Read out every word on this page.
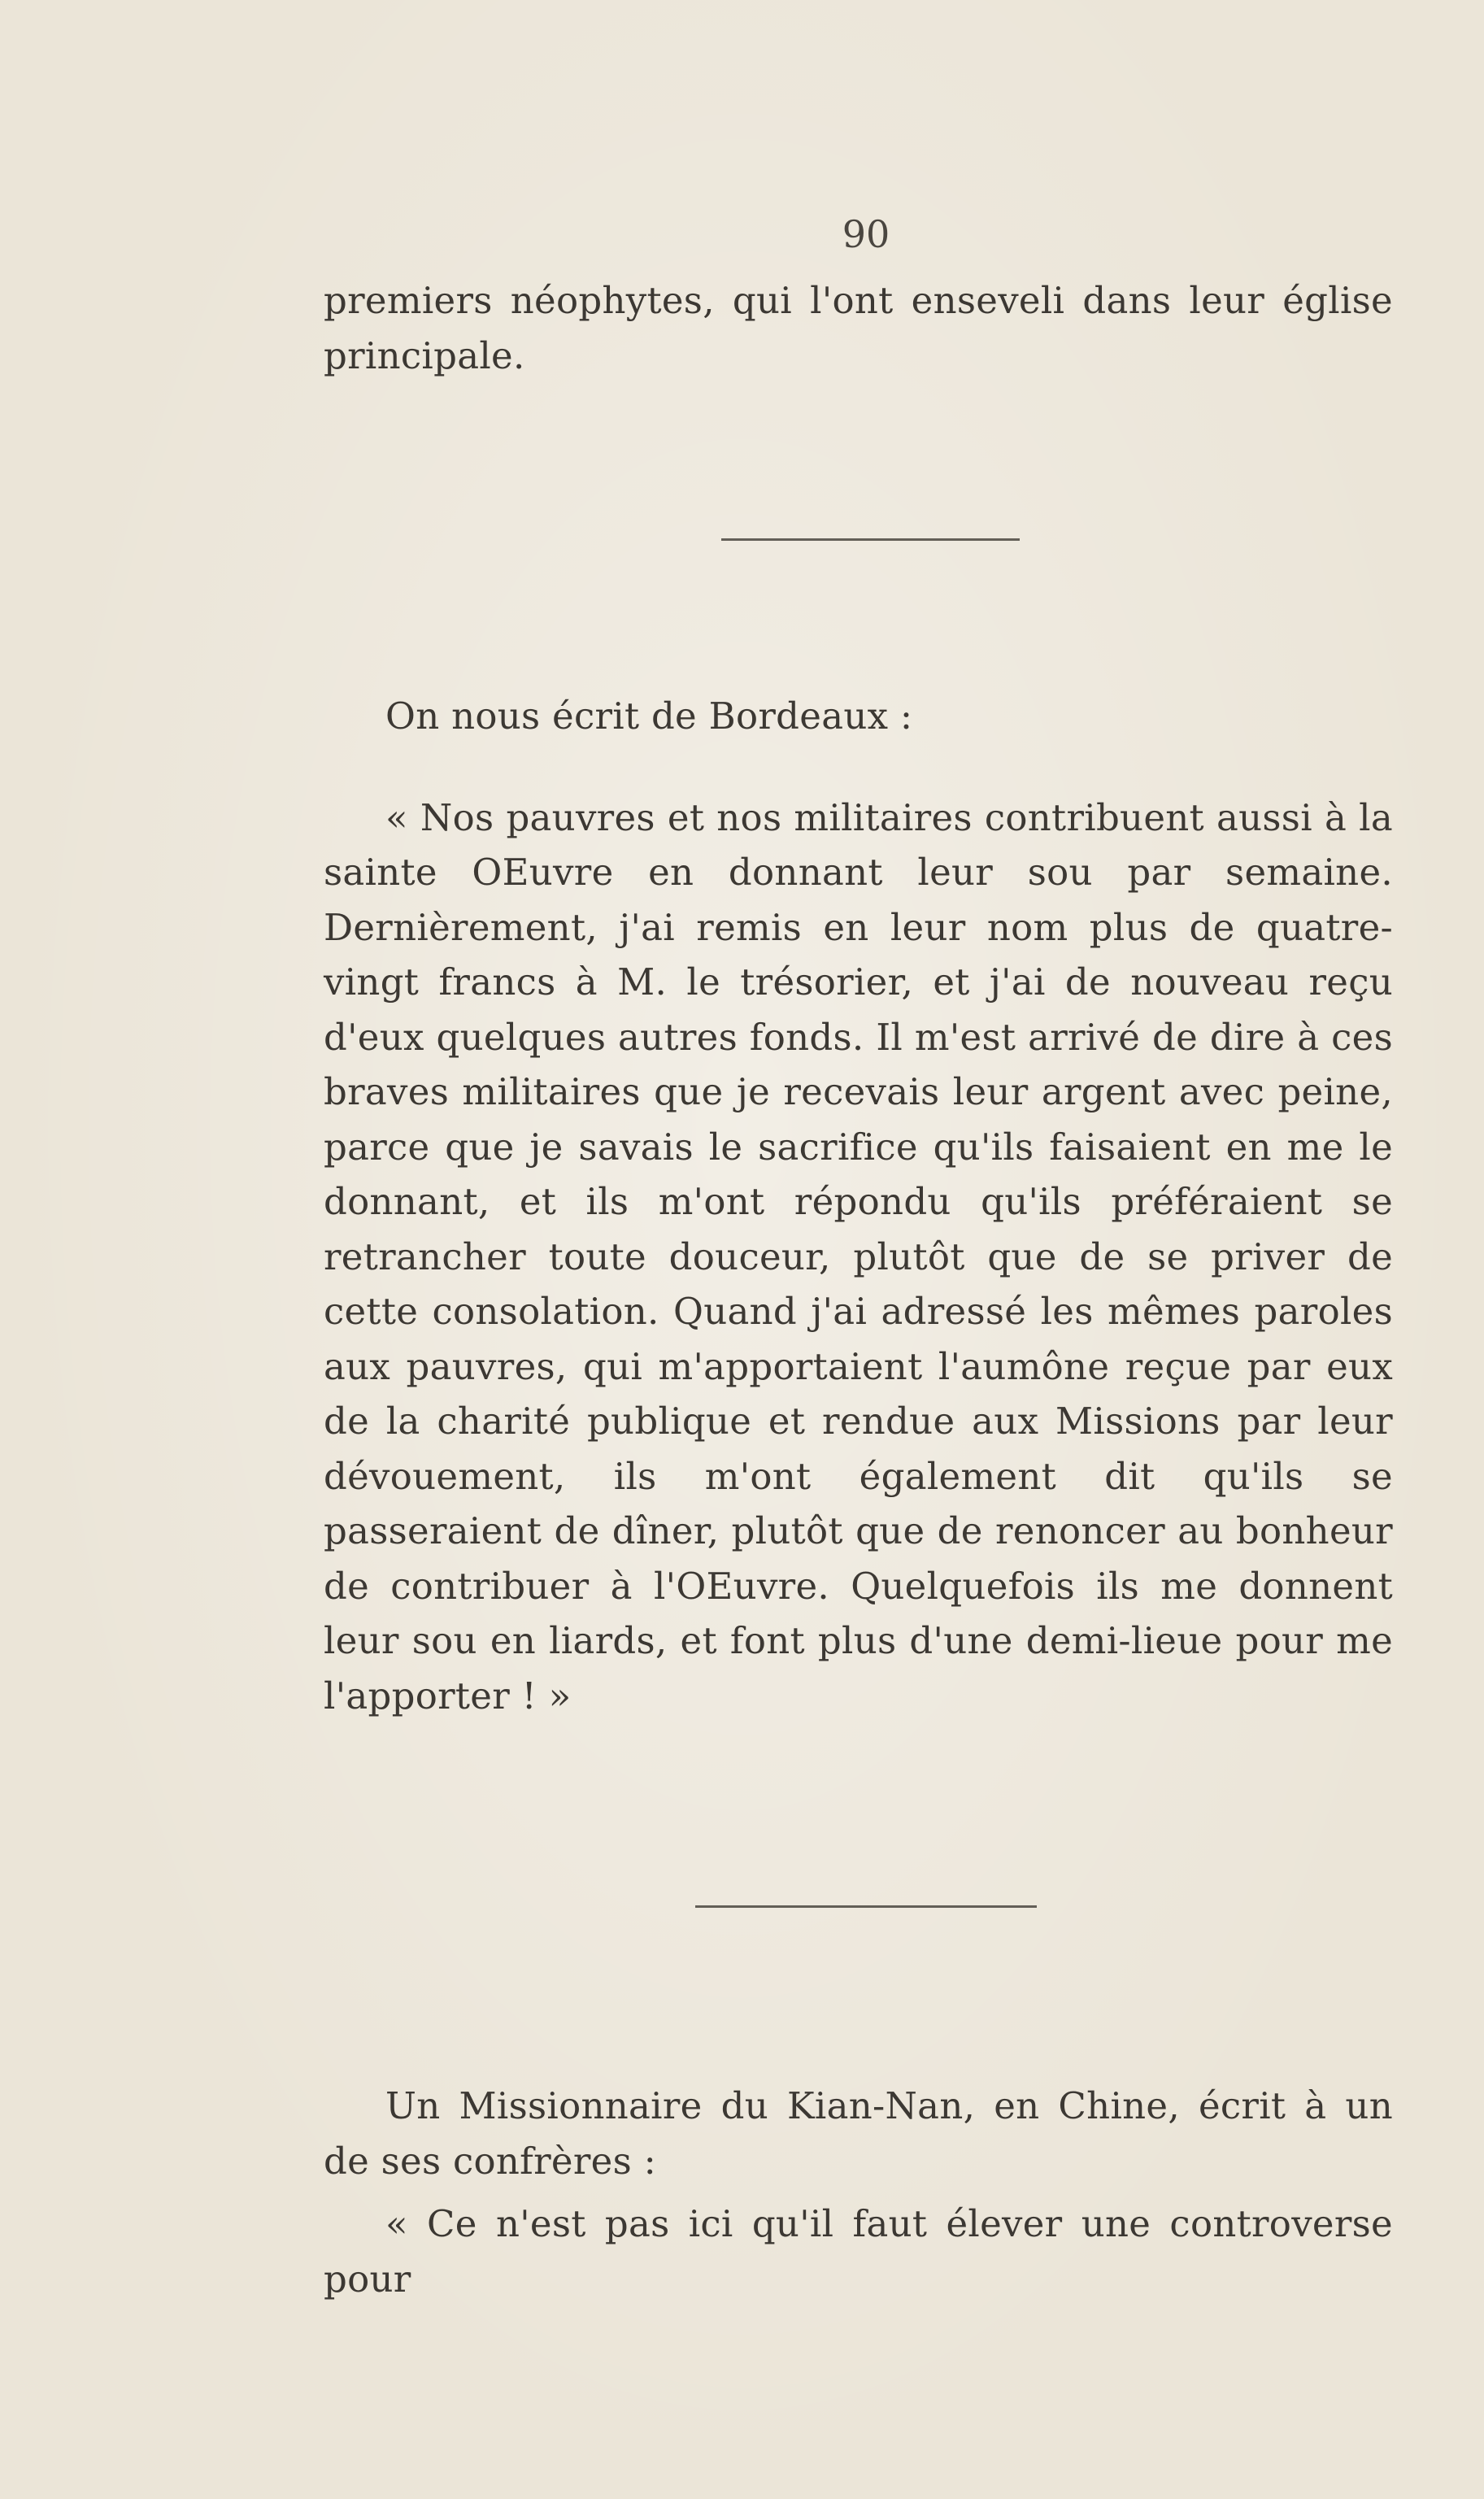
90

premiers néophytes, qui l'ont enseveli dans leur église principale.

On nous écrit de Bordeaux :

« Nos pauvres et nos militaires contribuent aussi à la sainte OEuvre en donnant leur sou par semaine. Dernièrement, j'ai remis en leur nom plus de quatre-vingt francs à M. le trésorier, et j'ai de nouveau reçu d'eux quelques autres fonds. Il m'est arrivé de dire à ces braves militaires que je recevais leur argent avec peine, parce que je savais le sacrifice qu'ils faisaient en me le donnant, et ils m'ont répondu qu'ils préféraient se retrancher toute douceur, plutôt que de se priver de cette consolation. Quand j'ai adressé les mêmes paroles aux pauvres, qui m'apportaient l'aumône reçue par eux de la charité publique et rendue aux Missions par leur dévouement, ils m'ont également dit qu'ils se passeraient de dîner, plutôt que de renoncer au bonheur de contribuer à l'OEuvre. Quelquefois ils me donnent leur sou en liards, et font plus d'une demi-lieue pour me l'apporter ! »

Un Missionnaire du Kian-Nan, en Chine, écrit à un de ses confrères :

« Ce n'est pas ici qu'il faut élever une controverse pour
